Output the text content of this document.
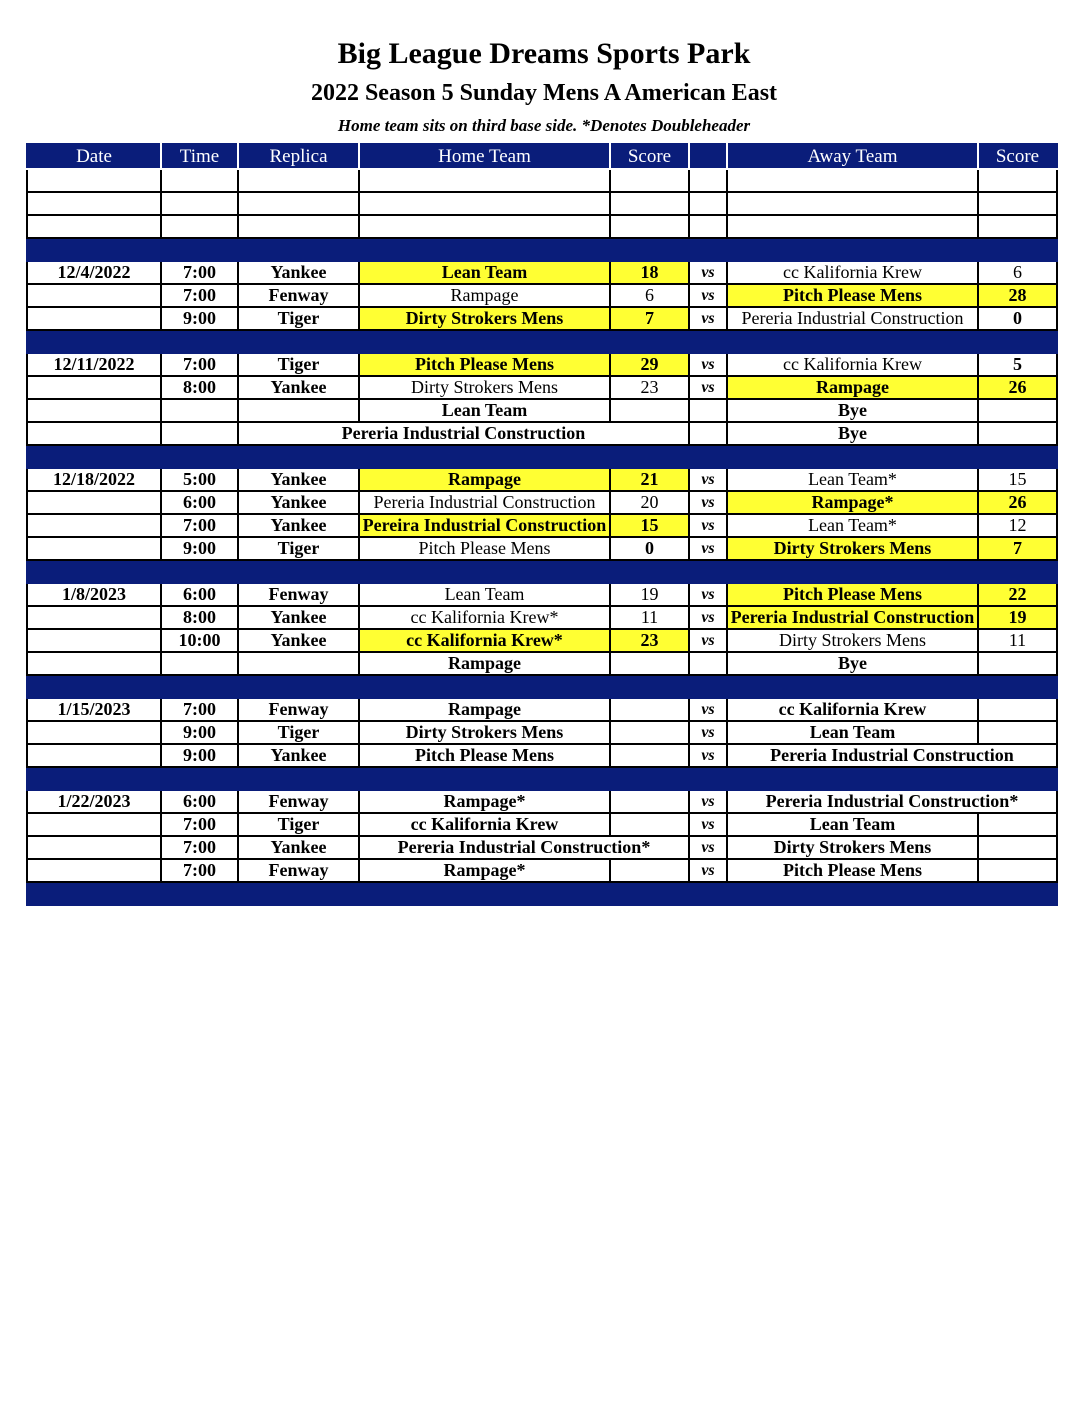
Big League Dreams Sports Park
2022 Season 5 Sunday Mens A American East
Home team sits on third base side. *Denotes Doubleheader
Date	Time	Replica	Home Team	Score		Away Team	Score

12/4/2022	7:00	Yankee	Lean Team	18	vs	cc Kalifornia Krew	6
	7:00	Fenway	Rampage	6	vs	Pitch Please Mens	28
	9:00	Tiger	Dirty Strokers Mens	7	vs	Pereria Industrial Construction	0

12/11/2022	7:00	Tiger	Pitch Please Mens	29	vs	cc Kalifornia Krew	5
	8:00	Yankee	Dirty Strokers Mens	23	vs	Rampage	26
			Lean Team			Bye	
		Pereria Industrial Construction				Bye	

12/18/2022	5:00	Yankee	Rampage	21	vs	Lean Team*	15
	6:00	Yankee	Pereria Industrial Construction	20	vs	Rampage*	26
	7:00	Yankee	Pereira Industrial Construction	15	vs	Lean Team*	12
	9:00	Tiger	Pitch Please Mens	0	vs	Dirty Strokers Mens	7

1/8/2023	6:00	Fenway	Lean Team	19	vs	Pitch Please Mens	22
	8:00	Yankee	cc Kalifornia Krew*	11	vs	Pereria Industrial Construction	19
	10:00	Yankee	cc Kalifornia Krew*	23	vs	Dirty Strokers Mens	11
			Rampage			Bye	

1/15/2023	7:00	Fenway	Rampage		vs	cc Kalifornia Krew	
	9:00	Tiger	Dirty Strokers Mens		vs	Lean Team	
	9:00	Yankee	Pitch Please Mens		vs	Pereria Industrial Construction	

1/22/2023	6:00	Fenway	Rampage*		vs	Pereria Industrial Construction*	
	7:00	Tiger	cc Kalifornia Krew		vs	Lean Team	
	7:00	Yankee	Pereria Industrial Construction*		vs	Dirty Strokers Mens	
	7:00	Fenway	Rampage*		vs	Pitch Please Mens	
